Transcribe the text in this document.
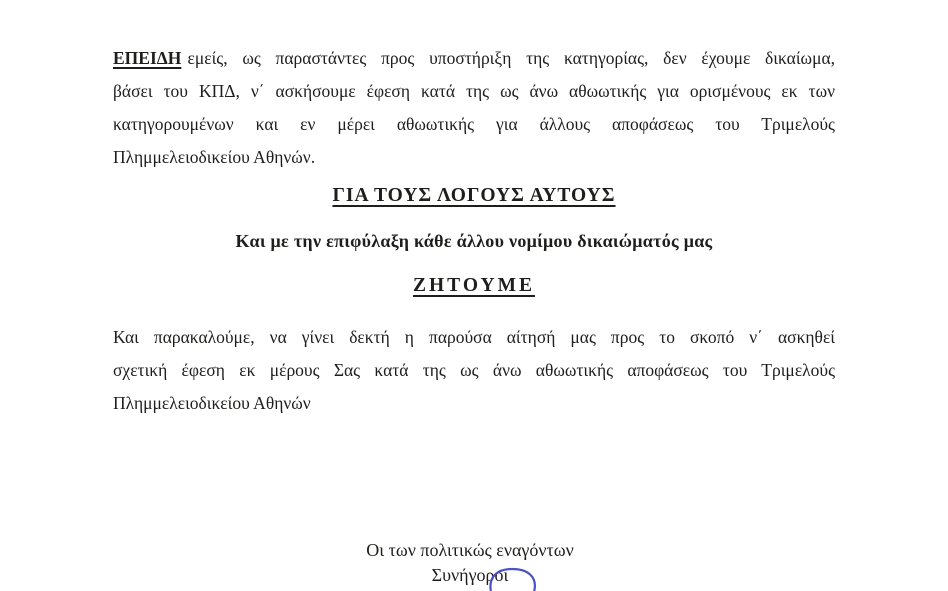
ΕΠΕΙΔΗ εμείς, ως παραστάντες προς υποστήριξη της κατηγορίας, δεν έχουμε δικαίωμα,
βάσει του ΚΠΔ, ν΄ ασκήσουμε έφεση κατά της ως άνω αθωωτικής για ορισμένους εκ των
κατηγορουμένων και εν μέρει αθωωτικής για άλλους αποφάσεως του Τριμελούς
Πλημμελειοδικείου Αθηνών.
ΓΙΑ ΤΟΥΣ ΛΟΓΟΥΣ ΑΥΤΟΥΣ
Και με την επιφύλαξη κάθε άλλου νομίμου δικαιώματός μας
ΖΗΤΟΥΜΕ
Και παρακαλούμε, να γίνει δεκτή η παρούσα αίτησή μας προς το σκοπό ν΄ ασκηθεί
σχετική έφεση εκ μέρους Σας κατά της ως άνω αθωωτικής αποφάσεως του Τριμελούς
Πλημμελειοδικείου Αθηνών
Οι των πολιτικώς εναγόντων
Συνήγοροι
